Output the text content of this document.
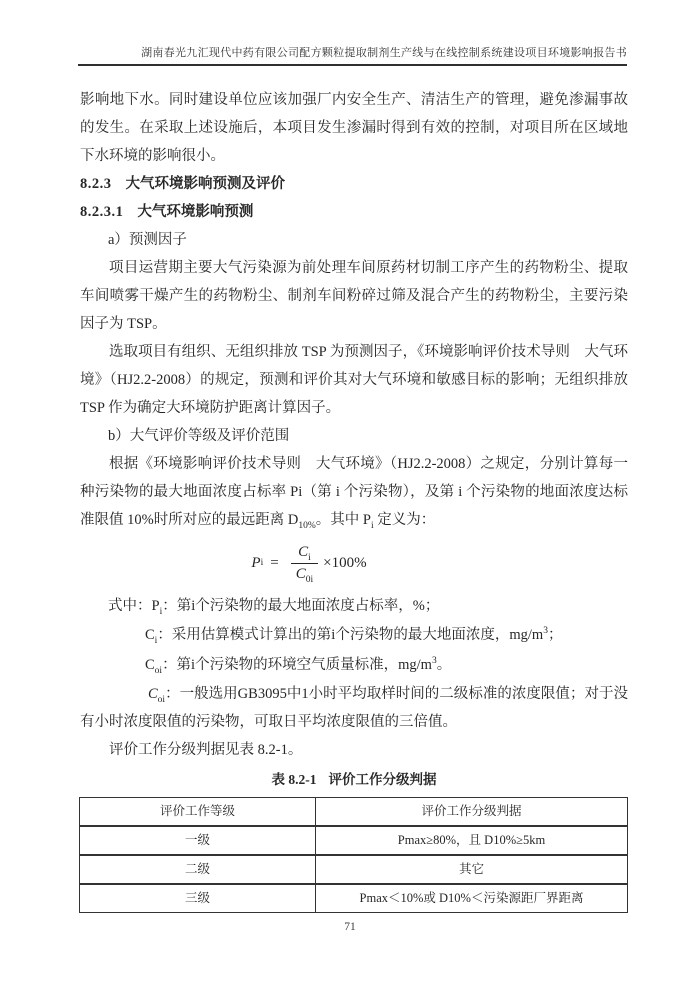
湖南春光九汇现代中药有限公司配方颗粒提取制剂生产线与在线控制系统建设项目环境影响报告书

影响地下水。同时建设单位应该加强厂内安全生产、清洁生产的管理，避免渗漏事故的发生。在采取上述设施后，本项目发生渗漏时得到有效的控制，对项目所在区域地下水环境的影响很小。

8.2.3 大气环境影响预测及评价

8.2.3.1 大气环境影响预测

a）预测因子

项目运营期主要大气污染源为前处理车间原药材切制工序产生的药物粉尘、提取车间喷雾干燥产生的药物粉尘、制剂车间粉碎过筛及混合产生的药物粉尘，主要污染因子为 TSP。

选取项目有组织、无组织排放 TSP 为预测因子，《环境影响评价技术导则　大气环境》（HJ2.2-2008）的规定，预测和评价其对大气环境和敏感目标的影响；无组织排放 TSP 作为确定大环境防护距离计算因子。

b）大气评价等级及评价范围

根据《环境影响评价技术导则　大气环境》（HJ2.2-2008）之规定，分别计算每一种污染物的最大地面浓度占标率 Pi（第 i 个污染物），及第 i 个污染物的地面浓度达标准限值 10%时所对应的最远距离 $D_{10\%}$。其中 $P_i$ 定义为：

P $i = \frac{C_i}{C_{0i}} \times 100\%$

式中：$P_i$：第i个污染物的最大地面浓度占标率，%；

$C_i$：采用估算模式计算出的第i个污染物的最大地面浓度，$mg/m^3$；

$C_{oi}$：第i个污染物的环境空气质量标准，$mg/m^3$。

$C_{oi}$：一般选用GB3095中1小时平均取样时间的二级标准的浓度限值；对于没有小时浓度限值的污染物，可取日平均浓度限值的三倍值。

评价工作分级判据见表 8.2-1。

表 8.2-1 评价工作分级判据

评价工作等级	评价工作分级判据
一级	Pmax≥80%，且 D10%≥5km
二级	其它
三级	Pmax＜10%或 D10%＜污染源距厂界距离
71
